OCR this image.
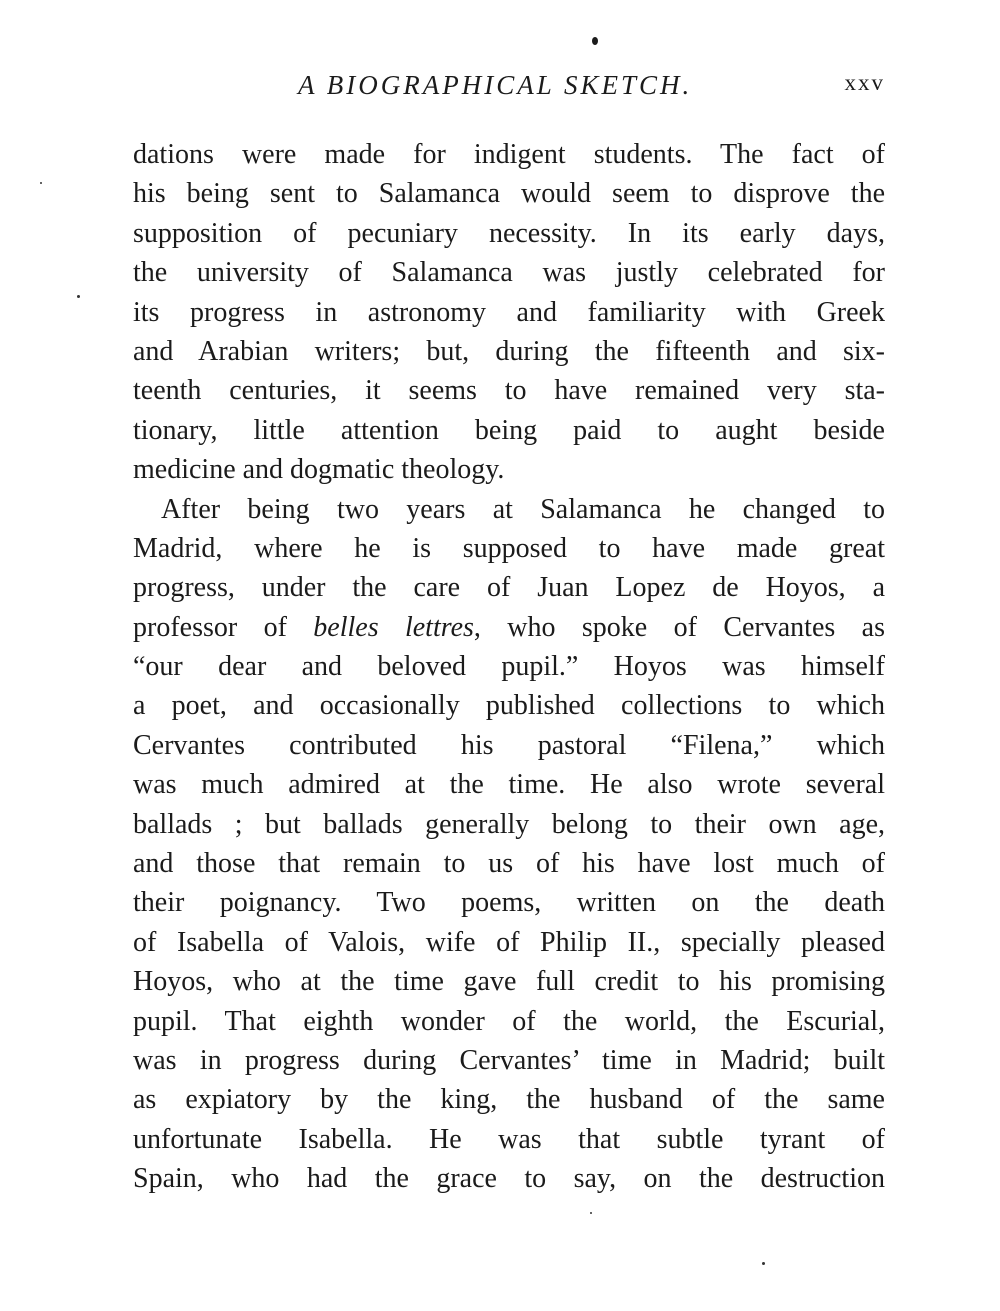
A BIOGRAPHICAL SKETCH.	xxv
dations were made for indigent students. The fact of
his being sent to Salamanca would seem to disprove the
supposition of pecuniary necessity. In its early days,
the university of Salamanca was justly celebrated for
its progress in astronomy and familiarity with Greek
and Arabian writers; but, during the fifteenth and six-
teenth centuries, it seems to have remained very sta-
tionary, little attention being paid to aught beside
medicine and dogmatic theology.
After being two years at Salamanca he changed to
Madrid, where he is supposed to have made great
progress, under the care of Juan Lopez de Hoyos, a
professor of belles lettres, who spoke of Cervantes as
“our dear and beloved pupil.” Hoyos was himself
a poet, and occasionally published collections to which
Cervantes contributed his pastoral “Filena,” which
was much admired at the time. He also wrote several
ballads ; but ballads generally belong to their own age,
and those that remain to us of his have lost much of
their poignancy. Two poems, written on the death
of Isabella of Valois, wife of Philip II., specially pleased
Hoyos, who at the time gave full credit to his promising
pupil. That eighth wonder of the world, the Escurial,
was in progress during Cervantes’ time in Madrid; built
as expiatory by the king, the husband of the same
unfortunate Isabella. He was that subtle tyrant of
Spain, who had the grace to say, on the destruction
